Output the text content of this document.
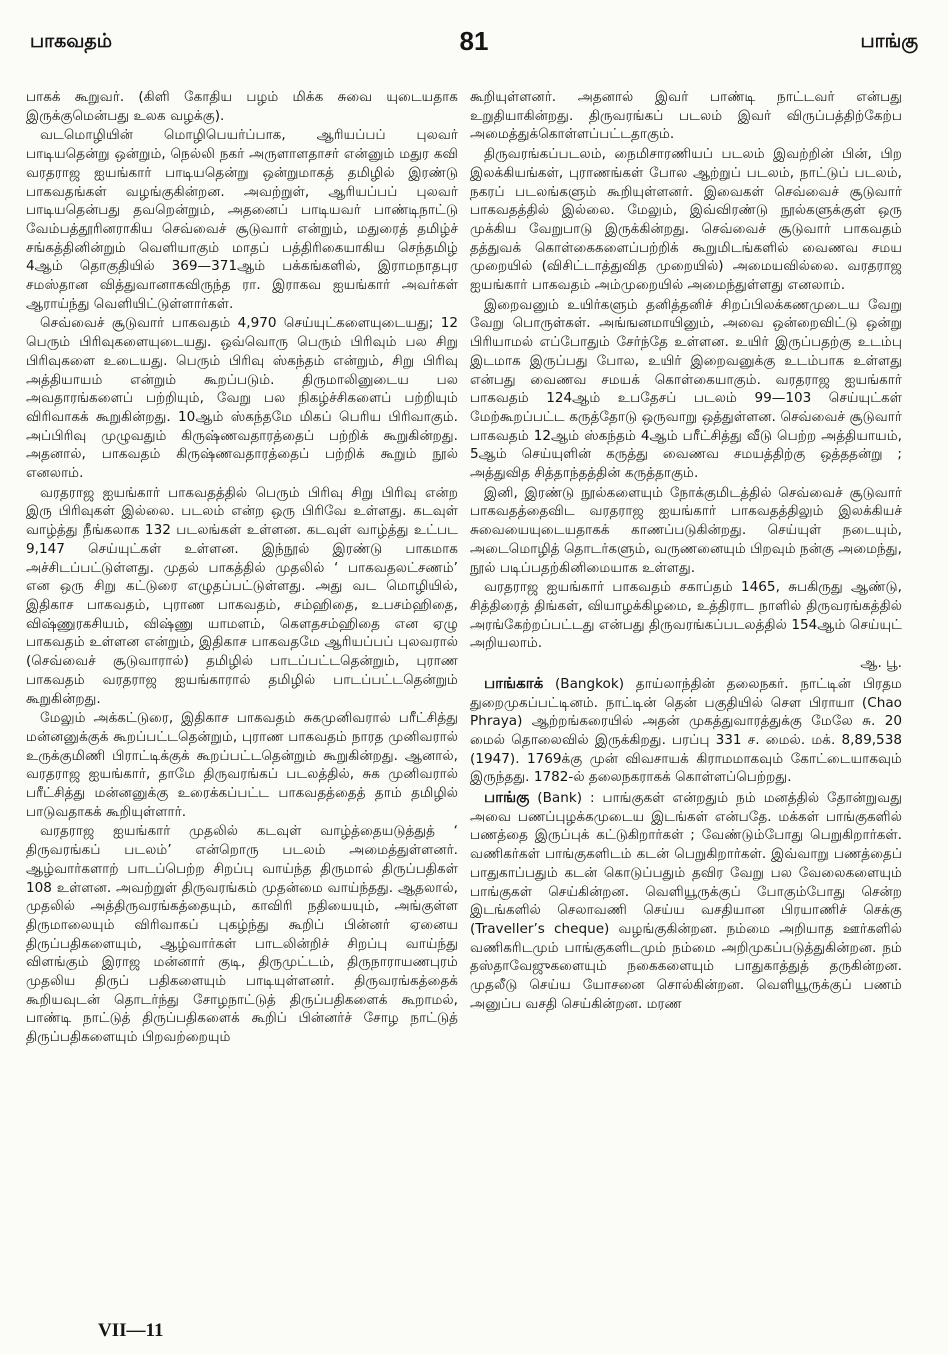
பாகவதம்	81	பாங்கு

பாகக் கூறுவர். (கிளி கோதிய பழம் மிக்க சுவை யுடையதாக இருக்குமென்பது உலக வழக்கு).

வடமொழியின் மொழிபெயர்ப்பாக, ஆரியப்பப் புலவர் பாடியதென்று ஒன்றும், நெல்லி நகர் அருளாளதாசர் என்னும் மதுர கவி வரதராஜ ஐயங்கார் பாடியதென்று ஒன்றுமாகத் தமிழில் இரண்டு பாகவதங்கள் வழங்குகின்றன. அவற்றுள், ஆரியப்பப் புலவர் பாடியதென்பது தவறென்றும், அதனைப் பாடியவர் பாண்டிநாட்டு வேம்பத்தூரினராகிய செவ்வைச் சூடுவார் என்றும், மதுரைத் தமிழ்ச் சங்கத்தினின்றும் வெளியாகும் மாதப் பத்திரிகையாகிய செந்தமிழ் 4ஆம் தொகுதியில் 369—371ஆம் பக்கங்களில், இராமநாதபுர சமஸ்தான வித்துவானாகவிருந்த ரா. இராகவ ஐயங்கார் அவர்கள் ஆராய்ந்து வெளியிட்டுள்ளார்கள்.

செவ்வைச் சூடுவார் பாகவதம் 4,970 செய்யுட்களையுடையது; 12 பெரும் பிரிவுகளையுடையது. ஒவ்வொரு பெரும் பிரிவும் பல சிறு பிரிவுகளை உடையது. பெரும் பிரிவு ஸ்கந்தம் என்றும், சிறு பிரிவு அத்தியாயம் என்றும் கூறப்படும். திருமாலினுடைய பல அவதாரங்களைப் பற்றியும், வேறு பல நிகழ்ச்சிகளைப் பற்றியும் விரிவாகக் கூறுகின்றது. 10ஆம் ஸ்கந்தமே மிகப் பெரிய பிரிவாகும். அப்பிரிவு முழுவதும் கிருஷ்ணவதாரத்தைப் பற்றிக் கூறுகின்றது. அதனால், பாகவதம் கிருஷ்ணவதாரத்தைப் பற்றிக் கூறும் நூல் எனலாம்.

வரதராஜ ஐயங்கார் பாகவதத்தில் பெரும் பிரிவு சிறு பிரிவு என்ற இரு பிரிவுகள் இல்லை. படலம் என்ற ஒரு பிரிவே உள்ளது. கடவுள் வாழ்த்து நீங்கலாக 132 படலங்கள் உள்ளன. கடவுள் வாழ்த்து உட்பட 9,147 செய்யுட்கள் உள்ளன. இந்நூல் இரண்டு பாகமாக அச்சிடப்பட்டுள்ளது. முதல் பாகத்தில் முதலில் ‘ பாகவதலட்சணம்’ என ஒரு சிறு கட்டுரை எழுதப்பட்டுள்ளது. அது வட மொழியில், இதிகாச பாகவதம், புராண பாகவதம், சம்ஹிதை, உபசம்ஹிதை, விஷ்ணுரகசியம், விஷ்ணு யாமளம், கௌதசம்ஹிதை என ஏழு பாகவதம் உள்ளன என்றும், இதிகாச பாகவதமே ஆரியப்பப் புலவரால் (செவ்வைச் சூடுவாரால்) தமிழில் பாடப்பட்டதென்றும், புராண பாகவதம் வரதராஜ ஐயங்காரால் தமிழில் பாடப்பட்டதென்றும் கூறுகின்றது.

மேலும் அக்கட்டுரை, இதிகாச பாகவதம் சுகமுனிவரால் பரீட்சித்து மன்னனுக்குக் கூறப்பட்டதென்றும், புராண பாகவதம் நாரத முனிவரால் உருக்குமிணி பிராட்டிக்குக் கூறப்பட்டதென்றும் கூறுகின்றது. ஆனால், வரதராஜ ஐயங்கார், தாமே திருவரங்கப் படலத்தில், சுக முனிவரால் பரீட்சித்து மன்னனுக்கு உரைக்கப்பட்ட பாகவதத்தைத் தாம் தமிழில் பாடுவதாகக் கூறியுள்ளார்.

வரதராஜ ஐயங்கார் முதலில் கடவுள் வாழ்த்தையடுத்துத் ‘ திருவரங்கப் படலம்’ என்றொரு படலம் அமைத்துள்ளனர். ஆழ்வார்களாற் பாடப்பெற்ற சிறப்பு வாய்ந்த திருமால் திருப்பதிகள் 108 உள்ளன. அவற்றுள் திருவரங்கம் முதன்மை வாய்ந்தது. ஆதலால், முதலில் அத்திருவரங்கத்தையும், காவிரி நதியையும், அங்குள்ள திருமாலையும் விரிவாகப் புகழ்ந்து கூறிப் பின்னர் ஏனைய திருப்பதிகளையும், ஆழ்வார்கள் பாடலின்றிச் சிறப்பு வாய்ந்து விளங்கும் இராஜ மன்னார் குடி, திருமுட்டம், திருநாராயணபுரம் முதலிய திருப் பதிகளையும் பாடியுள்ளனர். திருவரங்கத்தைக் கூறியவுடன் தொடர்ந்து சோழநாட்டுத் திருப்பதிகளைக் கூறாமல், பாண்டி நாட்டுத் திருப்பதிகளைக் கூறிப் பின்னர்ச் சோழ நாட்டுத் திருப்பதிகளையும் பிறவற்றையும்

கூறியுள்ளனர். அதனால் இவர் பாண்டி நாட்டவர் என்பது உறுதியாகின்றது. திருவரங்கப் படலம் இவர் விருப்பத்திற்கேற்ப அமைத்துக்கொள்ளப்பட்டதாகும்.

திருவரங்கப்படலம், நைமிசாரணியப் படலம் இவற்றின் பின், பிற இலக்கியங்கள், புராணங்கள் போல ஆற்றுப் படலம், நாட்டுப் படலம், நகரப் படலங்களும் கூறியுள்ளனர். இவைகள் செவ்வைச் சூடுவார் பாகவதத்தில் இல்லை. மேலும், இவ்விரண்டு நூல்களுக்குள் ஒரு முக்கிய வேறுபாடு இருக்கின்றது. செவ்வைச் சூடுவார் பாகவதம் தத்துவக் கொள்கைகளைப்பற்றிக் கூறுமிடங்களில் வைணவ சமய முறையில் (விசிட்டாத்துவித முறையில்) அமையவில்லை. வரதராஜ ஐயங்கார் பாகவதம் அம்முறையில் அமைந்துள்ளது எனலாம்.

இறைவனும் உயிர்களும் தனித்தனிச் சிறப்பிலக்கணமுடைய வேறு வேறு பொருள்கள். அங்ஙனமாயினும், அவை ஒன்றைவிட்டு ஒன்று பிரியாமல் எப்போதும் சேர்ந்தே உள்ளன. உயிர் இருப்பதற்கு உடம்பு இடமாக இருப்பது போல, உயிர் இறைவனுக்கு உடம்பாக உள்ளது என்பது வைணவ சமயக் கொள்கையாகும். வரதராஜ ஐயங்கார் பாகவதம் 124ஆம் உபதேசப் படலம் 99—103 செய்யுட்கள் மேற்கூறப்பட்ட கருத்தோடு ஒருவாறு ஒத்துள்ளன. செவ்வைச் சூடுவார் பாகவதம் 12ஆம் ஸ்கந்தம் 4ஆம் பரீட்சித்து வீடு பெற்ற அத்தியாயம், 5ஆம் செய்யுளின் கருத்து வைணவ சமயத்திற்கு ஒத்ததன்று ; அத்துவித சித்தாந்தத்தின் கருத்தாகும்.

இனி, இரண்டு நூல்களையும் நோக்குமிடத்தில் செவ்வைச் சூடுவார் பாகவதத்தைவிட வரதராஜ ஐயங்கார் பாகவதத்திலும் இலக்கியச் சுவையையுடையதாகக் காணப்படுகின்றது. செய்யுள் நடையும், அடைமொழித் தொடர்களும், வருணனையும் பிறவும் நன்கு அமைந்து, நூல் படிப்பதற்கினிமையாக உள்ளது.

வரதராஜ ஐயங்கார் பாகவதம் சகாப்தம் 1465, சுபகிருது ஆண்டு, சித்திரைத் திங்கள், வியாழக்கிழமை, உத்திராட நாளில் திருவரங்கத்தில் அரங்கேற்றப்பட்டது என்பது திருவரங்கப்படலத்தில் 154ஆம் செய்யுட் அறியலாம்.

ஆ. பூ.

பாங்காக் (Bangkok) தாய்லாந்தின் தலைநகர். நாட்டின் பிரதம துறைமுகப்பட்டினம். நாட்டின் தென் பகுதியில் சௌ பிராயா (Chao Phraya) ஆற்றங்கரையில் அதன் முகத்துவாரத்துக்கு மேலே சு. 20 மைல் தொலைவில் இருக்கிறது. பரப்பு 331 ச. மைல். மக். 8,89,538 (1947). 1769க்கு முன் விவசாயக் கிராமமாகவும் கோட்டையாகவும் இருந்தது. 1782-ல் தலைநகராகக் கொள்ளப்பெற்றது.

பாங்கு (Bank) : பாங்குகள் என்றதும் நம் மனத்தில் தோன்றுவது அவை பணப்புழக்கமுடைய இடங்கள் என்பதே. மக்கள் பாங்குகளில் பணத்தை இருப்புக் கட்டுகிறார்கள் ; வேண்டும்போது பெறுகிறார்கள். வணிகர்கள் பாங்குகளிடம் கடன் பெறுகிறார்கள். இவ்வாறு பணத்தைப் பாதுகாப்பதும் கடன் கொடுப்பதும் தவிர வேறு பல வேலைகளையும் பாங்குகள் செய்கின்றன. வெளியூருக்குப் போகும்போது சென்ற இடங்களில் செலாவணி செய்ய வசதியான பிரயாணிச் செக்கு (Traveller’s cheque) வழங்குகின்றன. நம்மை அறியாத ஊர்களில் வணிகரிடமும் பாங்குகளிடமும் நம்மை அறிமுகப்படுத்துகின்றன. நம் தஸ்தாவேஜுகளையும் நகைகளையும் பாதுகாத்துத் தருகின்றன. முதலீடு செய்ய யோசனை சொல்கின்றன. வெளியூருக்குப் பணம் அனுப்ப வசதி செய்கின்றன. மரண

VII—11
